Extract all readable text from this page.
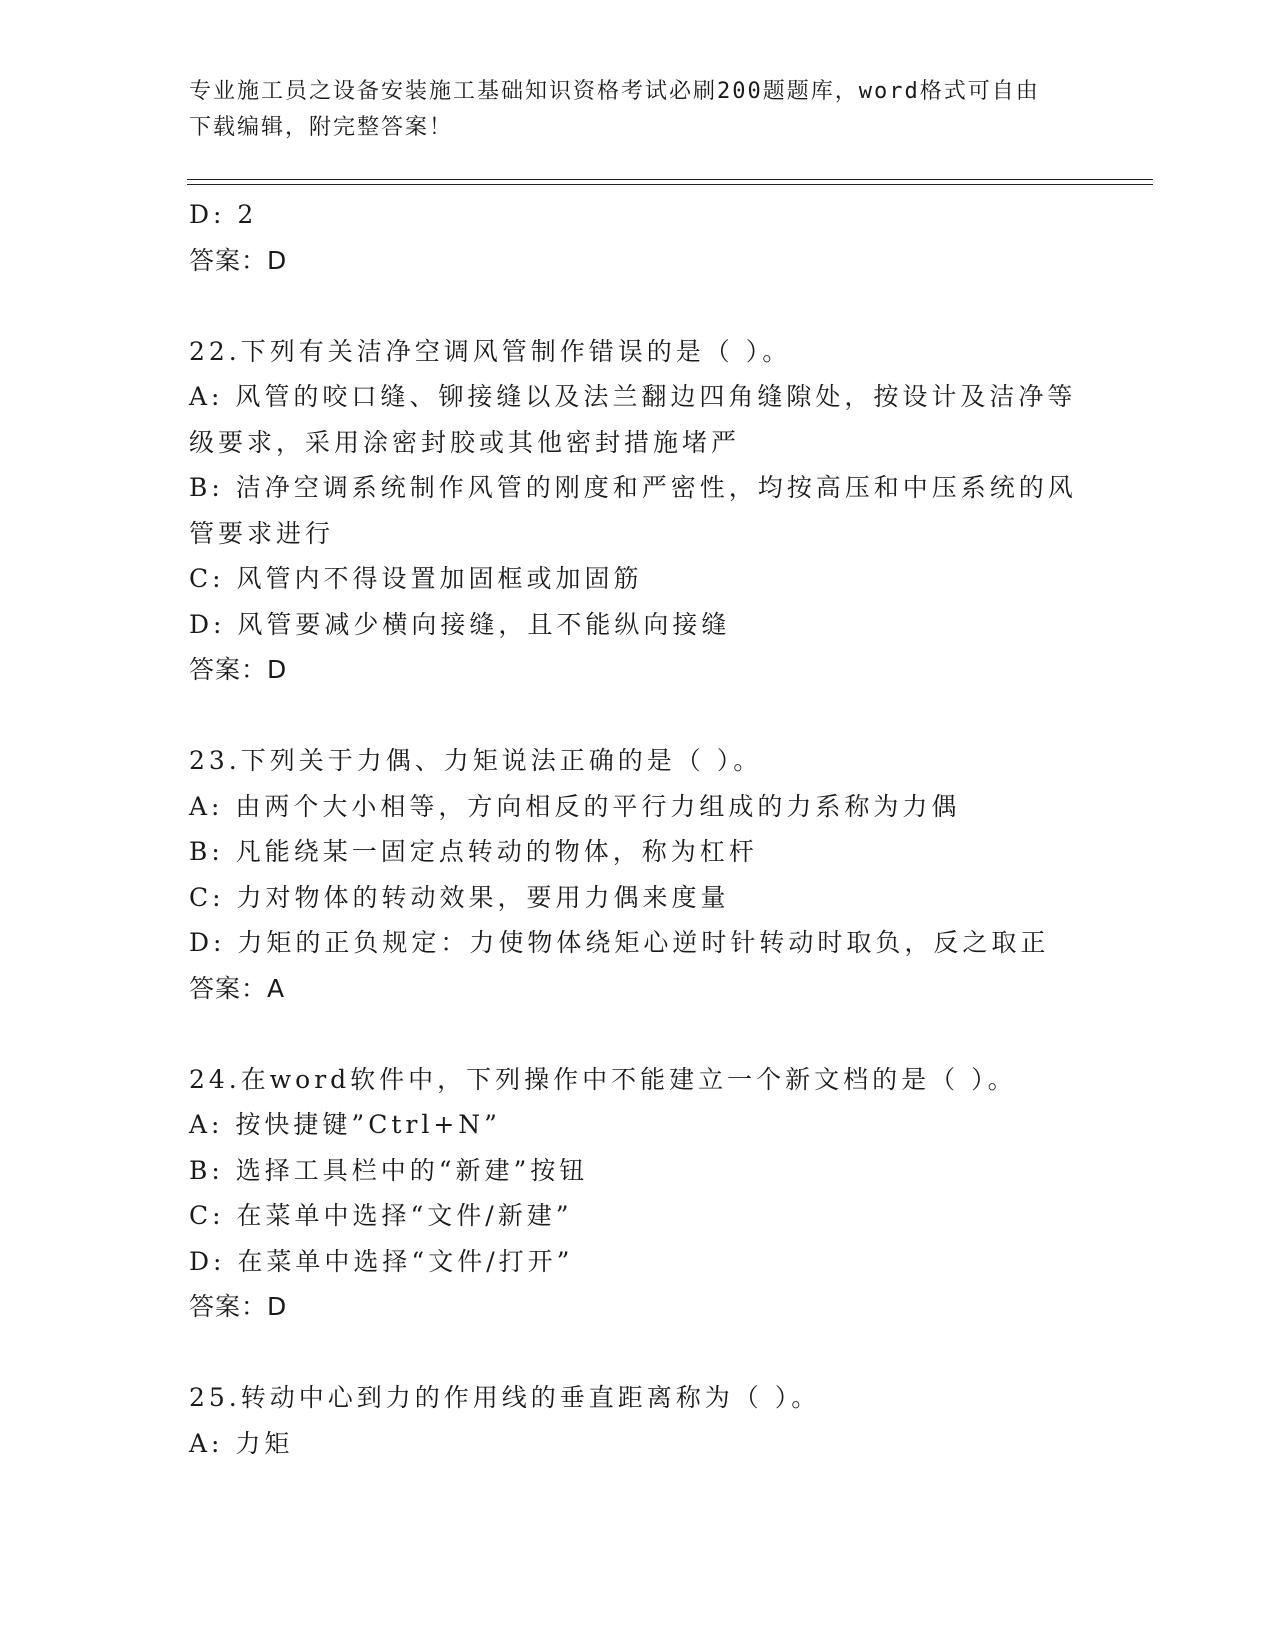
专业施工员之设备安装施工基础知识资格考试必刷200题题库，word格式可自由
下载编辑，附完整答案！
D: 2
答案：D
22.下列有关洁净空调风管制作错误的是（ ）。
A: 风管的咬口缝、铆接缝以及法兰翻边四角缝隙处，按设计及洁净等
级要求，采用涂密封胶或其他密封措施堵严
B: 洁净空调系统制作风管的刚度和严密性，均按高压和中压系统的风
管要求进行
C: 风管内不得设置加固框或加固筋
D: 风管要减少横向接缝，且不能纵向接缝
答案：D
23.下列关于力偶、力矩说法正确的是（ ）。
A: 由两个大小相等，方向相反的平行力组成的力系称为力偶
B: 凡能绕某一固定点转动的物体，称为杠杆
C: 力对物体的转动效果，要用力偶来度量
D: 力矩的正负规定：力使物体绕矩心逆时针转动时取负，反之取正
答案：A
24.在word软件中，下列操作中不能建立一个新文档的是（ ）。
A: 按快捷键”Ctrl+N”
B: 选择工具栏中的“新建”按钮
C: 在菜单中选择“文件/新建”
D: 在菜单中选择“文件/打开”
答案：D
25.转动中心到力的作用线的垂直距离称为（ ）。
A: 力矩
